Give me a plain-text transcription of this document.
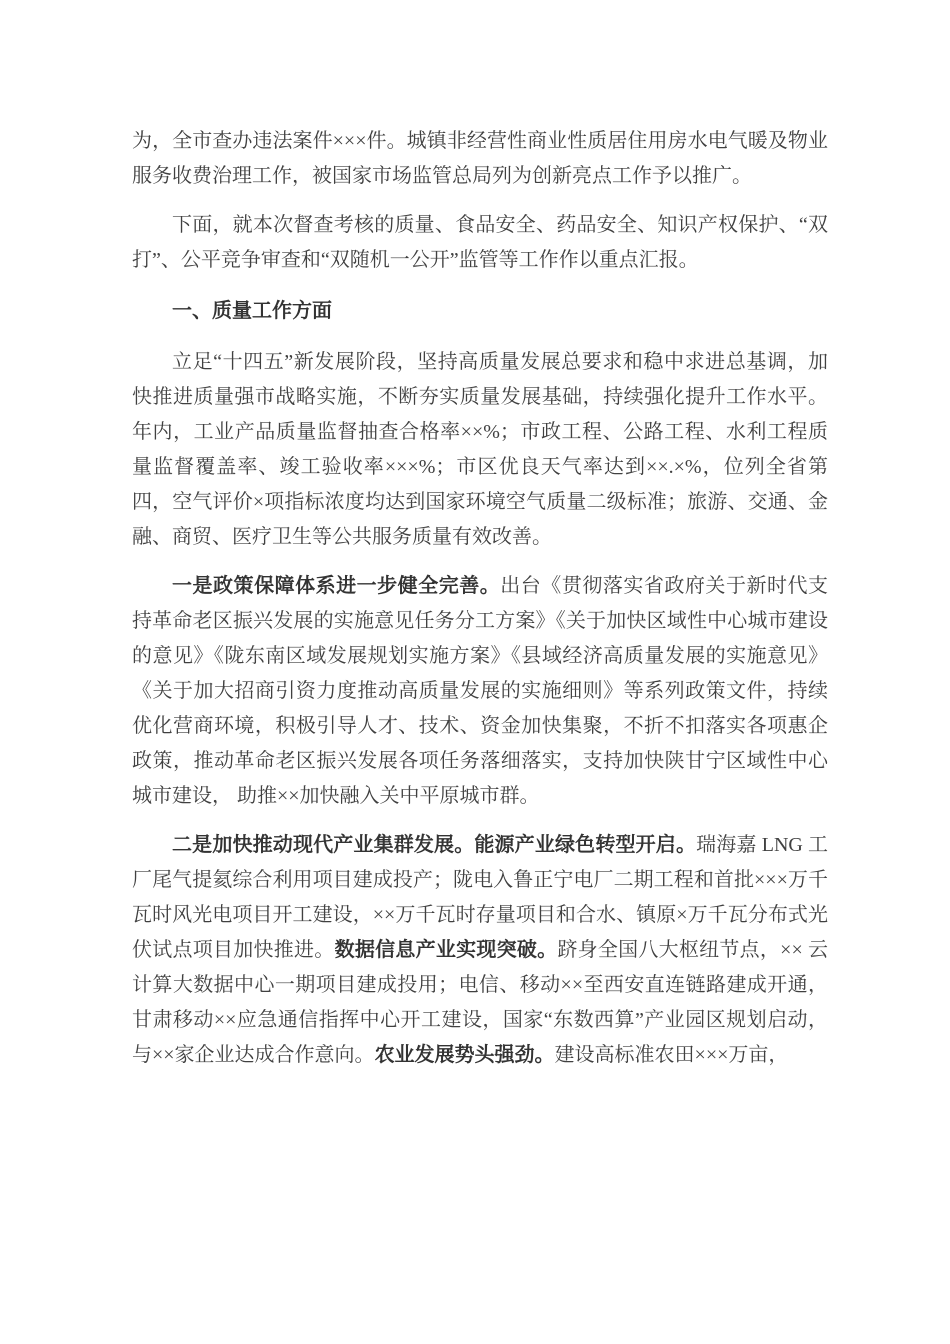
为，全市查办违法案件×××件。城镇非经营性商业性质居住用房水电气暖及物业服务收费治理工作，被国家市场监管总局列为创新亮点工作予以推广。

下面，就本次督查考核的质量、食品安全、药品安全、知识产权保护、“双打”、公平竞争审查和“双随机一公开”监管等工作作以重点汇报。

一、质量工作方面

立足“十四五”新发展阶段，坚持高质量发展总要求和稳中求进总基调，加快推进质量强市战略实施，不断夯实质量发展基础，持续强化提升工作水平。年内，工业产品质量监督抽查合格率××%；市政工程、公路工程、水利工程质量监督覆盖率、竣工验收率×××%；市区优良天气率达到××.×%，位列全省第四，空气评价×项指标浓度均达到国家环境空气质量二级标准；旅游、交通、金融、商贸、医疗卫生等公共服务质量有效改善。

一是政策保障体系进一步健全完善。出台《贯彻落实省政府关于新时代支持革命老区振兴发展的实施意见任务分工方案》《关于加快区域性中心城市建设的意见》《陇东南区域发展规划实施方案》《县域经济高质量发展的实施意见》《关于加大招商引资力度推动高质量发展的实施细则》等系列政策文件，持续优化营商环境，积极引导人才、技术、资金加快集聚，不折不扣落实各项惠企政策，推动革命老区振兴发展各项任务落细落实，支持加快陕甘宁区域性中心城市建设， 助推××加快融入关中平原城市群。

二是加快推动现代产业集群发展。能源产业绿色转型开启。瑞海嘉 LNG 工厂尾气提氦综合利用项目建成投产；陇电入鲁正宁电厂二期工程和首批×××万千瓦时风光电项目开工建设，××万千瓦时存量项目和合水、镇原×万千瓦分布式光伏试点项目加快推进。数据信息产业实现突破。跻身全国八大枢纽节点，×× 云计算大数据中心一期项目建成投用；电信、移动××至西安直连链路建成开通， 甘肃移动××应急通信指挥中心开工建设，国家“东数西算”产业园区规划启动， 与××家企业达成合作意向。农业发展势头强劲。建设高标准农田×××万亩，
